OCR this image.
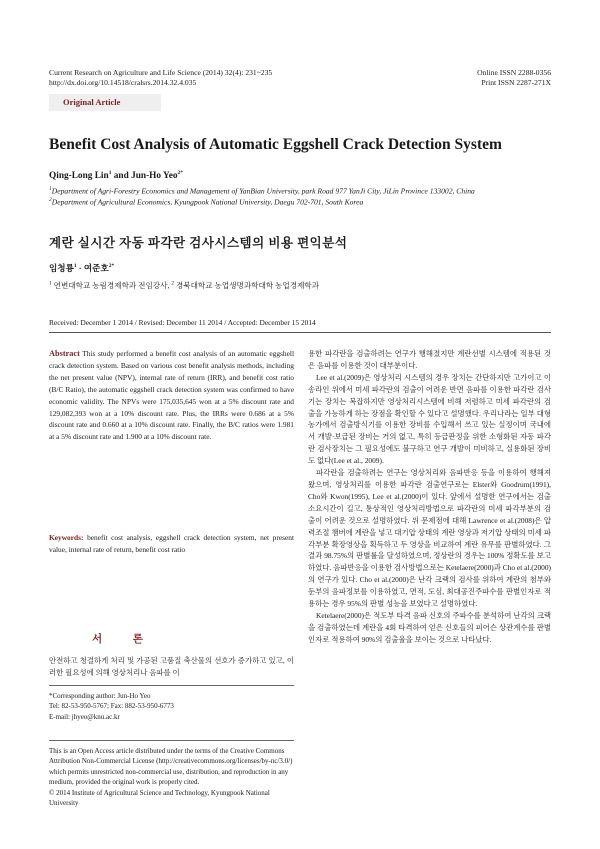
Current Research on Agriculture and Life Science (2014) 32(4): 231~235
http://dx.doi.org/10.14518/cralsrs.2014.32.4.035
Online ISSN 2288-0356
Print ISSN 2287-271X
Original Article
Benefit Cost Analysis of Automatic Eggshell Crack Detection System
Qing-Long Lin$^1$ and Jun-Ho Yeo$^{2*}$
$^1$Department of Agri-Forestry Economics and Management of YanBian University, park Road 977 YanJi City, JiLin Province 133002, China
$^2$Department of Agricultural Economics, Kyungpook National University, Daegu 702-701, South Korea
계란 실시간 자동 파각란 검사시스템의 비용 편익분석
임청룡$^1$ · 여준호$^{2*}$
$^1$ 연변대학교 농림경제학과 전임강사, $^2$ 경북대학교 농업생명과학대학 농업경제학과
Received: December 1 2014 / Revised: December 11 2014 / Accepted: December 15 2014

Abstract This study performed a benefit cost analysis of an automatic eggshell crack detection system. Based on various cost benefit analysis methods, including the net present value (NPV), internal rate of return (IRR), and benefit cost ratio (B/C Ratio), the automatic eggshell crack detection system was confirmed to have economic validity. The NPVs were 175,035,645 won at a 5% discount rate and 129,082,393 won at a 10% discount rate. Plus, the IRRs were 0.686 at a 5% discount rate and 0.660 at a 10% discount rate. Finally, the B/C ratios were 1.981 at a 5% discount rate and 1.900 at a 10% discount rate.

Keywords: benefit cost analysis, eggshell crack detection system, net present value, internal rate of return, benefit cost ratio

서 론
안전하고 청결하게 처리 및 가공된 고품질 축산물의 선호가 증가하고 있고, 이러한 필요성에 의해 영상처리나 음파를 이
*Corresponding author: Jun-Ho Yeo
Tel: 82-53-950-5767; Fax: 882-53-950-6773
E-mail: jhyeo@knu.ac.kr
This is an Open Access article distributed under the terms of the Creative Commons Attribution Non-Commercial License (http://creativecommons.org/licenses/by-nc/3.0/) which permits unrestricted non-commercial use, distribution, and reproduction in any medium, provided the original work is properly cited.
© 2014 Institute of Agricultural Science and Technology, Kyungpook National University

용한 파각란을 검출하려는 연구가 행해졌지만 계란선별 시스템에 적용된 것은 음파를 이용한 것이 대부분이다.

Lee et al.(2009)은 영상처리 시스템의 경우 장치는 간단하지만 고가이고 이송라인 위에서 미세 파각란의 검출이 어려운 반면 음파를 이용한 파각란 검사기는 장치는 복잡하지만 영상처리시스템에 비해 저렴하고 미세 파각란의 검출을 가능하게 하는 장점을 확인할 수 있다고 설명했다. 우리나라는 일부 대형농가에서 검출방식기를 이용한 장비를 수입해서 쓰고 있는 실정이며 국내에서 개발·보급된 장비는 거의 없고, 특히 등급판정을 위한 소형화된 자동 파각란 검사장치는 그 필요성에도 불구하고 연구 개발이 미비하고, 실용화된 장비도 없다(Lee et al., 2009).

파각란을 검출하려는 연구는 영상처리와 음파반응 등을 이용하여 행해져 왔으며, 영상처리를 이용한 파각란 검출연구로는 Elster와 Goodrum(1991), Cho와 Kwon(1995), Lee et al.(2000)이 있다. 앞에서 설명한 연구에서는 검출 소요시간이 길고, 통상적인 영상처리방법으로 파각란의 미세 파각부분의 검출이 어려운 것으로 설명하였다. 위 문제점에 대해 Lawrence et al.(2008)은 압력조절 챔버에 계란을 넣고 대기압 상태의 계란 영상과 저기압 상태의 미세 파각부분 확장영상을 획득하고 두 영상을 비교하여 계란 유무를 판별하였다. 그 결과 98.75%의 판별률을 달성하였으며, 정상란의 경우는 100% 정확도를 보고하였다. 음파반응을 이용한 검사방법으로는 Ketelaere(2000)과 Cho et al.(2000)의 연구가 있다. Cho et al.(2000)은 난각 크랙의 검사를 위하여 계란의 첨부와 둔부의 음파정보를 이용하였고, 면적, 도심, 최대공진주파수를 판별인자로 적용하는 경우 95%의 판별 성능을 보였다고 설명하였다.

Ketelaere(2000)은 적도부 타격 음파 신호의 주파수를 분석하여 난각의 크랙을 검출하였는데 계란을 4회 타격하여 얻은 신호들의 피어슨 상관계수를 판별인자로 적용하여 90%의 검출율을 보이는 것으로 나타났다.
